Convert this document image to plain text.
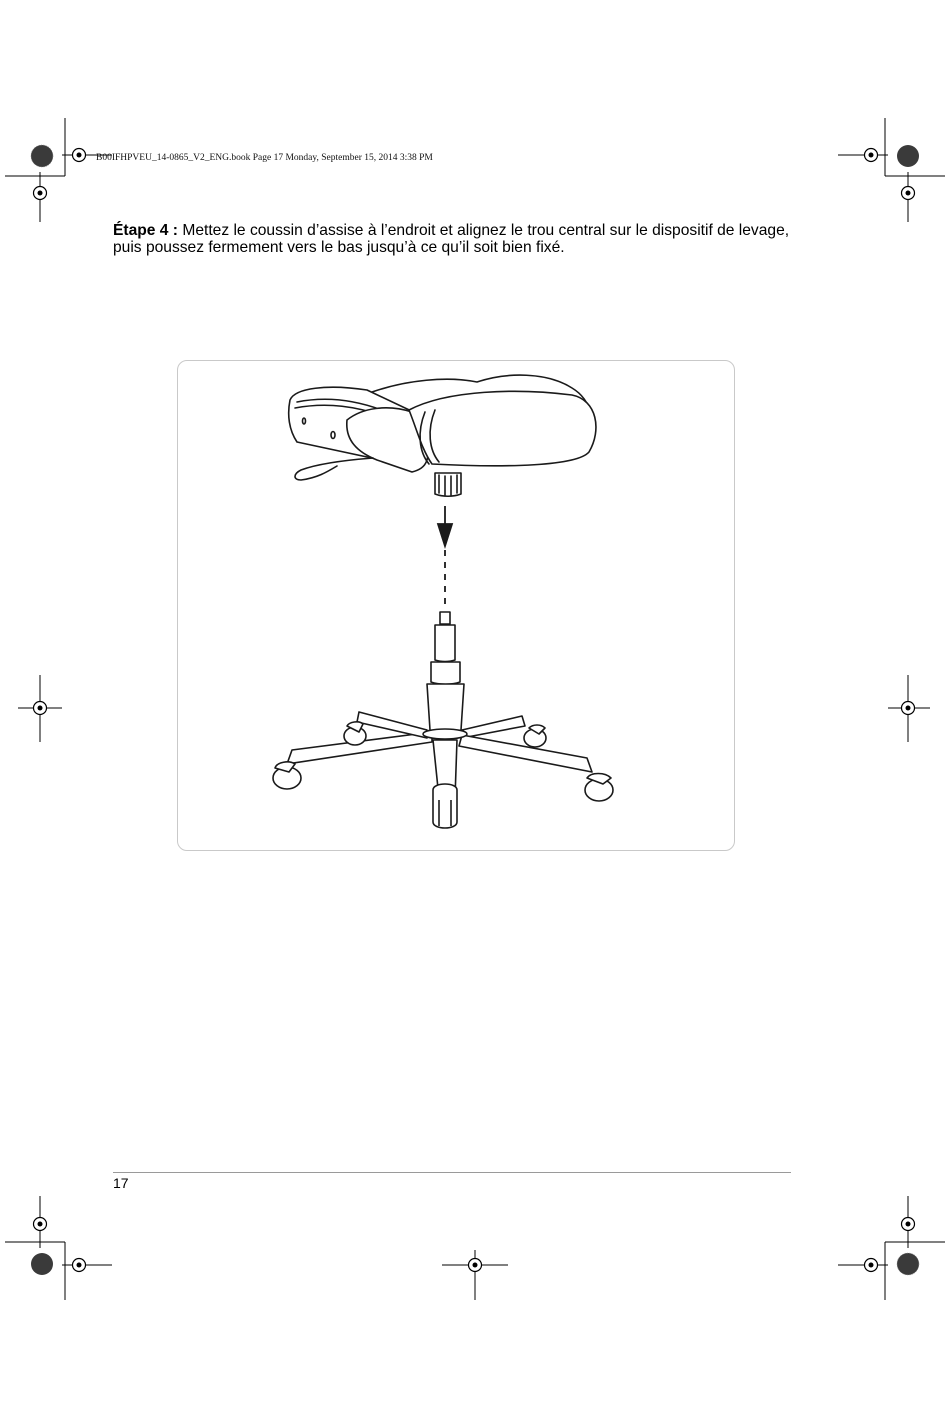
B00IFHPVEU_14-0865_V2_ENG.book Page 17 Monday, September 15, 2014 3:38 PM
Étape 4 : Mettez le coussin d’assise à l’endroit et alignez le trou central sur le dispositif de levage, puis poussez fermement vers le bas jusqu’à ce qu’il soit bien fixé.
17
